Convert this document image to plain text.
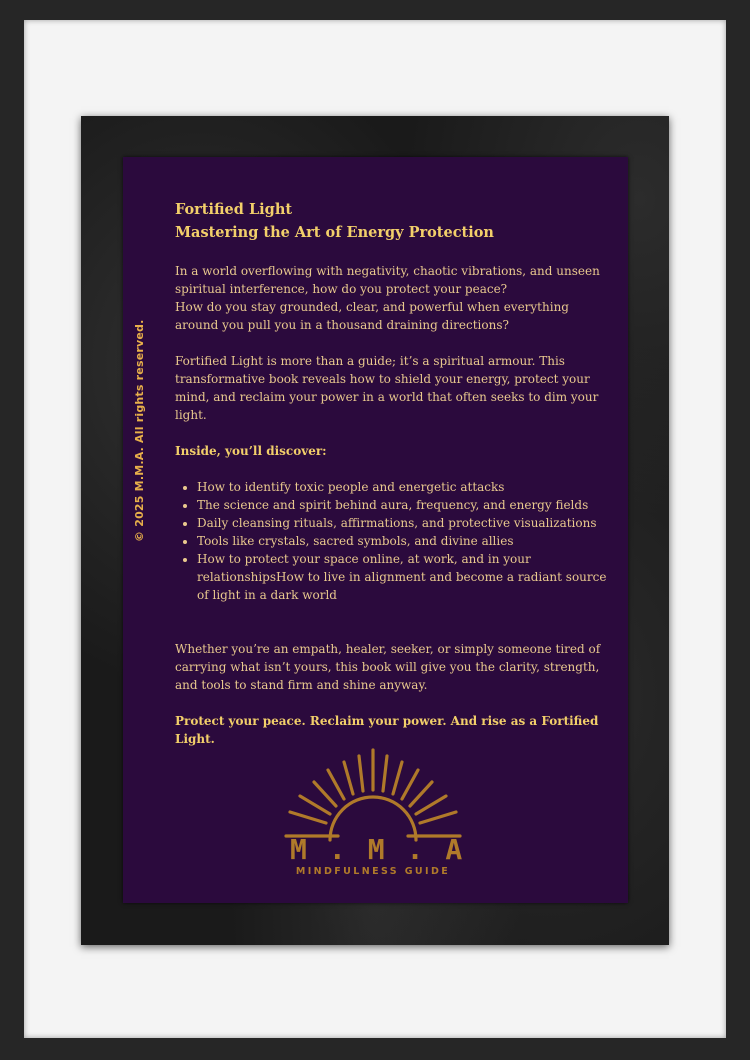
© 2025 M.M.A. All rights reserved.
Fortified Light
Mastering the Art of Energy Protection
In a world overflowing with negativity, chaotic vibrations, and unseen spiritual interference, how do you protect your peace?
How do you stay grounded, clear, and powerful when everything around you pull you in a thousand draining directions?
Fortified Light is more than a guide; it’s a spiritual armour. This transformative book reveals how to shield your energy, protect your mind, and reclaim your power in a world that often seeks to dim your light.
Inside, you’ll discover:
• How to identify toxic people and energetic attacks
• The science and spirit behind aura, frequency, and energy fields
• Daily cleansing rituals, affirmations, and protective visualizations
• Tools like crystals, sacred symbols, and divine allies
• How to protect your space online, at work, and in your relationshipsHow to live in alignment and become a radiant source of light in a dark world
Whether you’re an empath, healer, seeker, or simply someone tired of carrying what isn’t yours, this book will give you the clarity, strength, and tools to stand firm and shine anyway.
Protect your peace. Reclaim your power. And rise as a Fortified Light.
M.M.A
MINDFULNESS GUIDE
